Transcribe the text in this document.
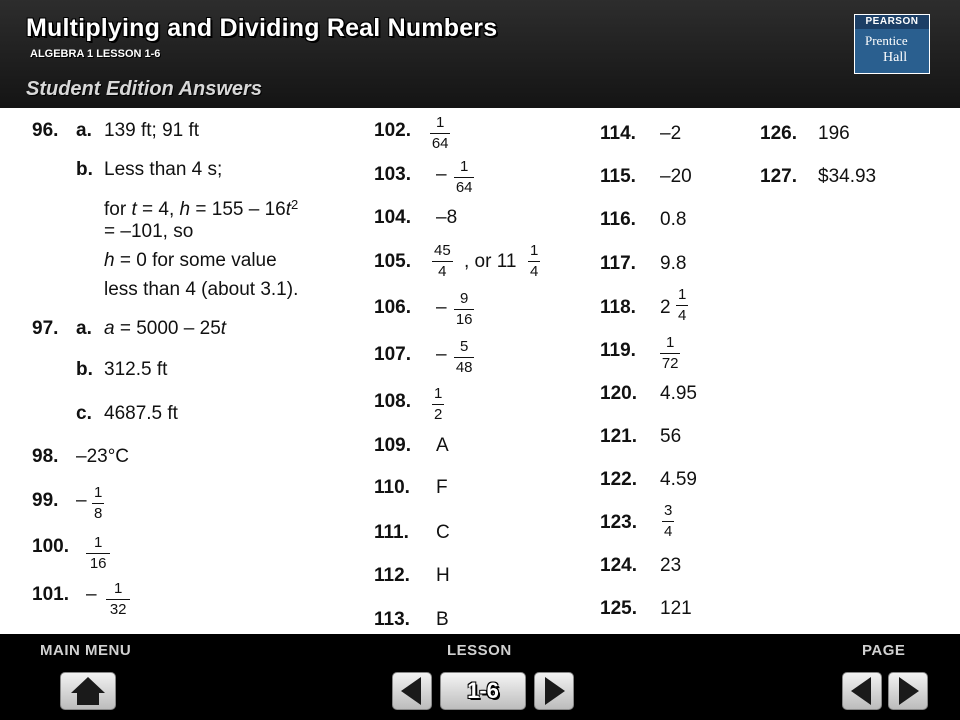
Multiplying and Dividing Real Numbers
ALGEBRA 1 LESSON 1-6
Student Edition Answers
PEARSON
Prentice
Hall
96. a. 139 ft; 91 ft
b. Less than 4 s;
for t = 4, $h = 155 - 16t^2$
= –101, so
h = 0 for some value
less than 4 (about 3.1).
97. a. a = 5000 – 25t
b. 312.5 ft
c. 4687.5 ft
98. –23°C
99. – $\frac{1}{8}$
100. $\frac{1}{16}$
101. – $\frac{1}{32}$
102. $\frac{1}{64}$
103. – $\frac{1}{64}$
104. –8
105. $\frac{45}{4}$ , or $11 \frac{1}{4}$
106. – $\frac{9}{16}$
107. – $\frac{5}{48}$
108. $\frac{1}{2}$
109. A
110. F
111. C
112. H
113. B
114. –2
115. –20
116. 0.8
117. 9.8
118. $2 \frac{1}{4}$
119. $\frac{1}{72}$
120. 4.95
121. 56
122. 4.59
123. $\frac{3}{4}$
124. 23
125. 121
126. 196
127. $34.93
MAIN MENU	LESSON	PAGE
1-6
